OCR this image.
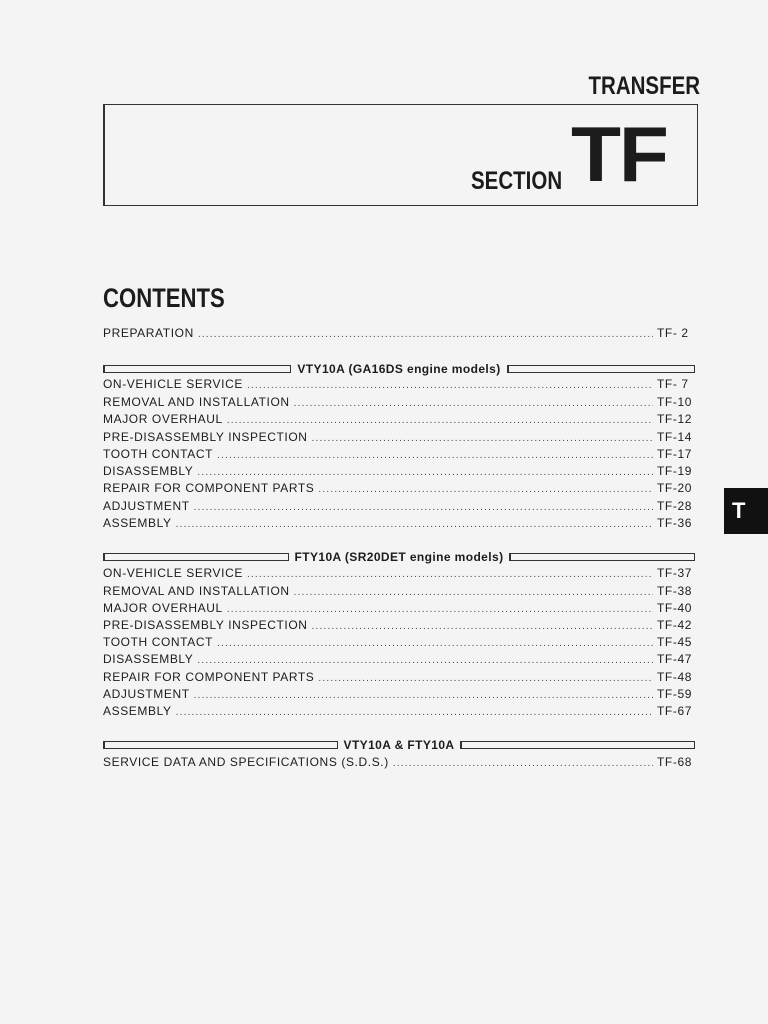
TRANSFER
SECTION TF
CONTENTS
PREPARATION .....	TF- 2
VTY10A (GA16DS engine models)
ON-VEHICLE SERVICE .....	TF- 7
REMOVAL AND INSTALLATION .....	TF-10
MAJOR OVERHAUL .....	TF-12
PRE-DISASSEMBLY INSPECTION .....	TF-14
TOOTH CONTACT .....	TF-17
DISASSEMBLY .....	TF-19
REPAIR FOR COMPONENT PARTS .....	TF-20
ADJUSTMENT .....	TF-28
ASSEMBLY .....	TF-36
FTY10A (SR20DET engine models)
ON-VEHICLE SERVICE .....	TF-37
REMOVAL AND INSTALLATION .....	TF-38
MAJOR OVERHAUL .....	TF-40
PRE-DISASSEMBLY INSPECTION .....	TF-42
TOOTH CONTACT .....	TF-45
DISASSEMBLY .....	TF-47
REPAIR FOR COMPONENT PARTS .....	TF-48
ADJUSTMENT .....	TF-59
ASSEMBLY .....	TF-67
VTY10A & FTY10A
SERVICE DATA AND SPECIFICATIONS (S.D.S.) .....	TF-68
T
